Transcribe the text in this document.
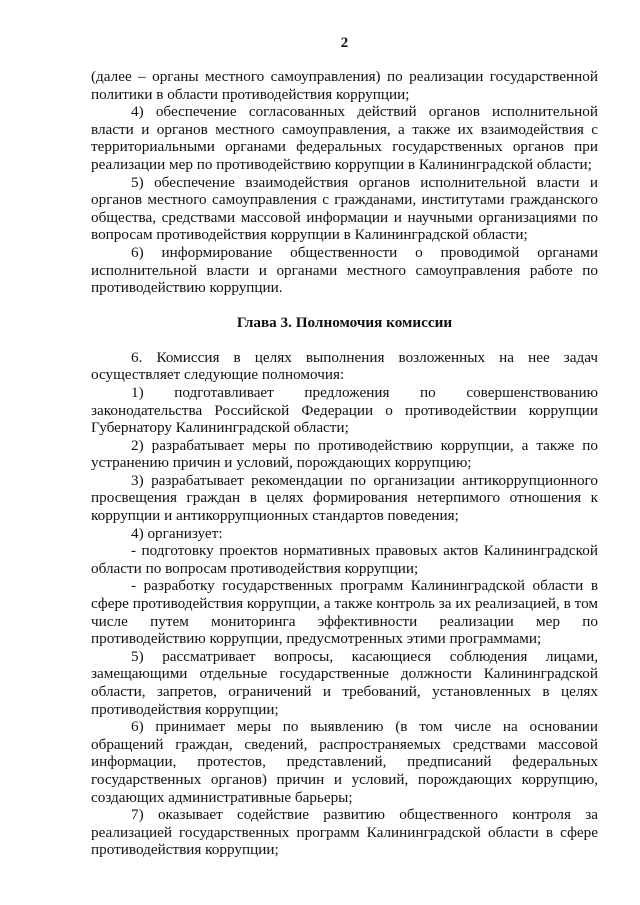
2

(далее – органы местного самоуправления) по реализации государственной политики в области противодействия коррупции;

4) обеспечение согласованных действий органов исполнительной власти и органов местного самоуправления, а также их взаимодействия с территориальными органами федеральных государственных органов при реализации мер по противодействию коррупции в Калининградской области;

5) обеспечение взаимодействия органов исполнительной власти и органов местного самоуправления с гражданами, институтами гражданского общества, средствами массовой информации и научными организациями по вопросам противодействия коррупции в Калининградской области;

6) информирование общественности о проводимой органами исполнительной власти и органами местного самоуправления работе по противодействию коррупции.

Глава 3. Полномочия комиссии

6. Комиссия в целях выполнения возложенных на нее задач осуществляет следующие полномочия:

1) подготавливает предложения по совершенствованию законодательства Российской Федерации о противодействии коррупции Губернатору Калининградской области;

2) разрабатывает меры по противодействию коррупции, а также по устранению причин и условий, порождающих коррупцию;

3) разрабатывает рекомендации по организации антикоррупционного просвещения граждан в целях формирования нетерпимого отношения к коррупции и антикоррупционных стандартов поведения;

4) организует:

- подготовку проектов нормативных правовых актов Калининградской области по вопросам противодействия коррупции;

- разработку государственных программ Калининградской области в сфере противодействия коррупции, а также контроль за их реализацией, в том числе путем мониторинга эффективности реализации мер по противодействию коррупции, предусмотренных этими программами;

5) рассматривает вопросы, касающиеся соблюдения лицами, замещающими отдельные государственные должности Калининградской области, запретов, ограничений и требований, установленных в целях противодействия коррупции;

6) принимает меры по выявлению (в том числе на основании обращений граждан, сведений, распространяемых средствами массовой информации, протестов, представлений, предписаний федеральных государственных органов) причин и условий, порождающих коррупцию, создающих административные барьеры;

7) оказывает содействие развитию общественного контроля за реализацией государственных программ Калининградской области в сфере противодействия коррупции;
